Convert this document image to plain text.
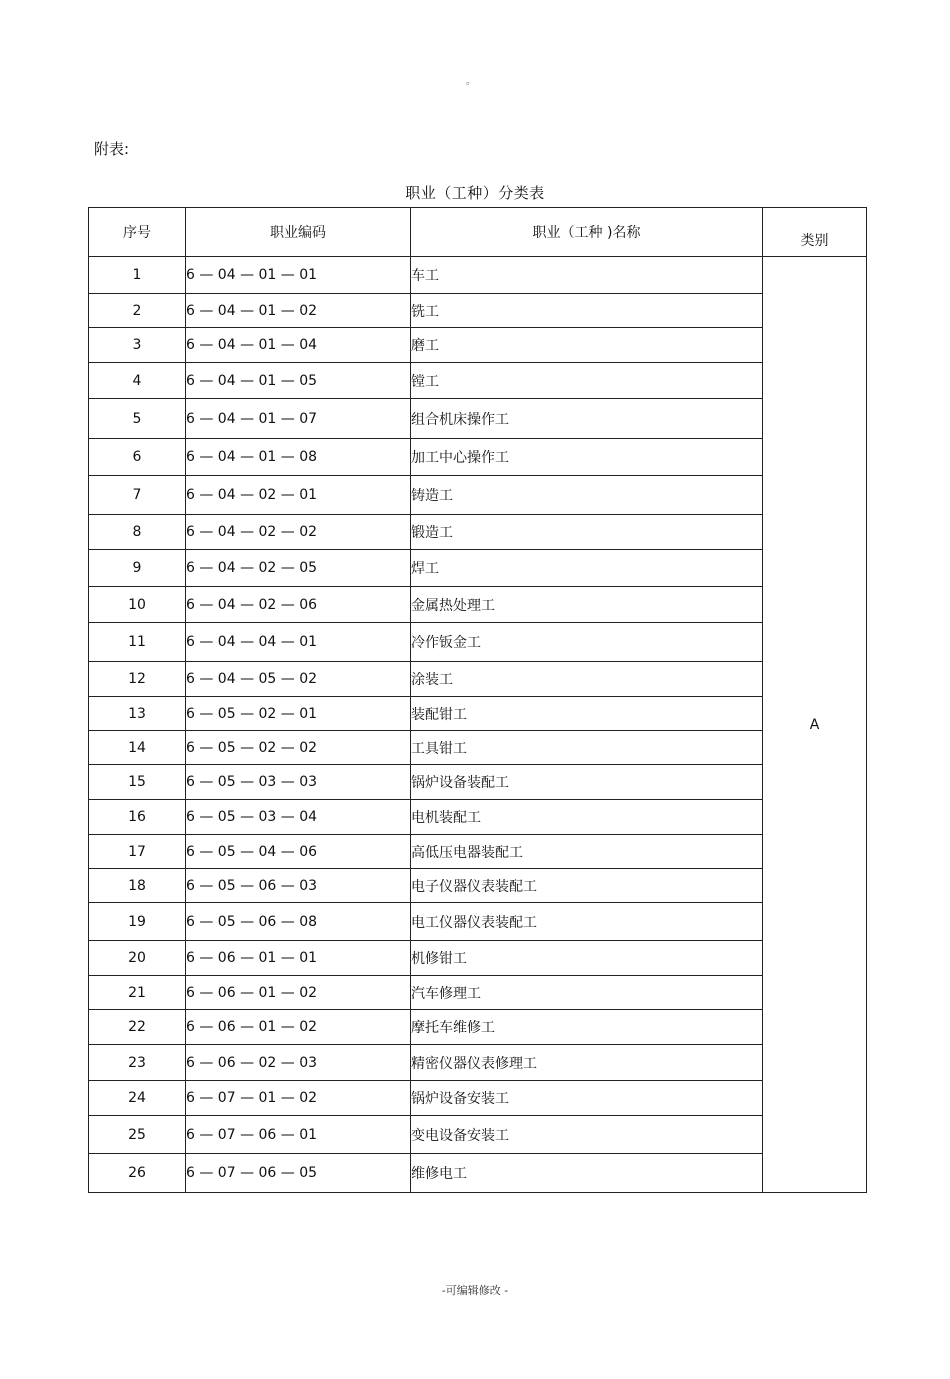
。
附表:
职业（工种）分类表
序号	职业编码	职业（工种 )名称	类别
1	6 — 04 — 01 — 01	车工	A
2	6 — 04 — 01 — 02	铣工	
3	6 — 04 — 01 — 04	磨工	
4	6 — 04 — 01 — 05	镗工	
5	6 — 04 — 01 — 07	组合机床操作工	
6	6 — 04 — 01 — 08	加工中心操作工	
7	6 — 04 — 02 — 01	铸造工	
8	6 — 04 — 02 — 02	锻造工	
9	6 — 04 — 02 — 05	焊工	
10	6 — 04 — 02 — 06	金属热处理工	
11	6 — 04 — 04 — 01	冷作钣金工	
12	6 — 04 — 05 — 02	涂装工	
13	6 — 05 — 02 — 01	装配钳工	
14	6 — 05 — 02 — 02	工具钳工	
15	6 — 05 — 03 — 03	锅炉设备装配工	
16	6 — 05 — 03 — 04	电机装配工	
17	6 — 05 — 04 — 06	高低压电器装配工	
18	6 — 05 — 06 — 03	电子仪器仪表装配工	
19	6 — 05 — 06 — 08	电工仪器仪表装配工	
20	6 — 06 — 01 — 01	机修钳工	
21	6 — 06 — 01 — 02	汽车修理工	
22	6 — 06 — 01 — 02	摩托车维修工	
23	6 — 06 — 02 — 03	精密仪器仪表修理工	
24	6 — 07 — 01 — 02	锅炉设备安装工	
25	6 — 07 — 06 — 01	变电设备安装工	
26	6 — 07 — 06 — 05	维修电工	
-可编辑修改 -
